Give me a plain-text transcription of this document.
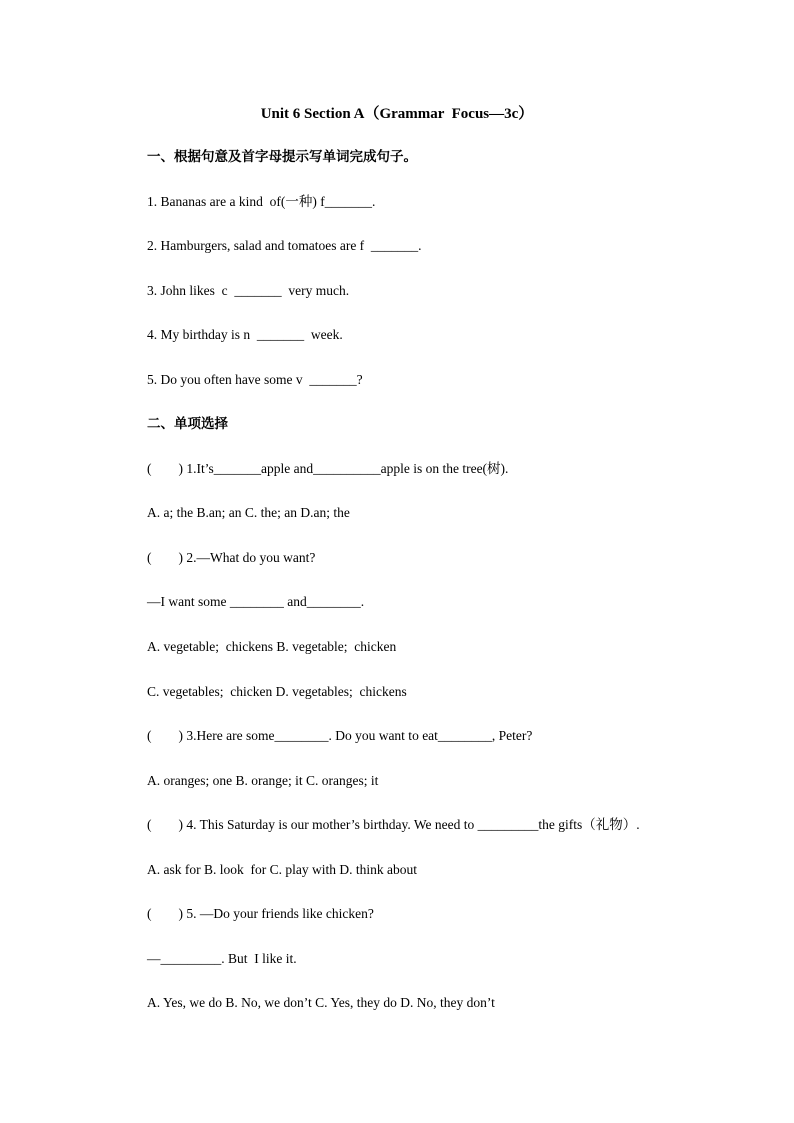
Unit 6 Section A（Grammar  Focus—3c）
一、根据句意及首字母提示写单词完成句子。
1. Bananas are a kind  of(一种) f_______.
2. Hamburgers, salad and tomatoes are f  _______.
3. John likes  c  _______  very much.
4. My birthday is n  _______  week.
5. Do you often have some v  _______?
二、单项选择
(        ) 1.It’s_______apple and__________apple is on the tree(树).
A. a; the B.an; an C. the; an D.an; the
(        ) 2.—What do you want?
—I want some ________ and________.
A. vegetable;  chickens B. vegetable;  chicken
C. vegetables;  chicken D. vegetables;  chickens
(        ) 3.Here are some________. Do you want to eat________, Peter?
A. oranges; one B. orange; it C. oranges; it
(        ) 4. This Saturday is our mother’s birthday. We need to _________the gifts（礼物）.
A. ask for B. look  for C. play with D. think about
(        ) 5. —Do your friends like chicken?
—_________. But  I like it.
A. Yes, we do B. No, we don’t C. Yes, they do D. No, they don’t
